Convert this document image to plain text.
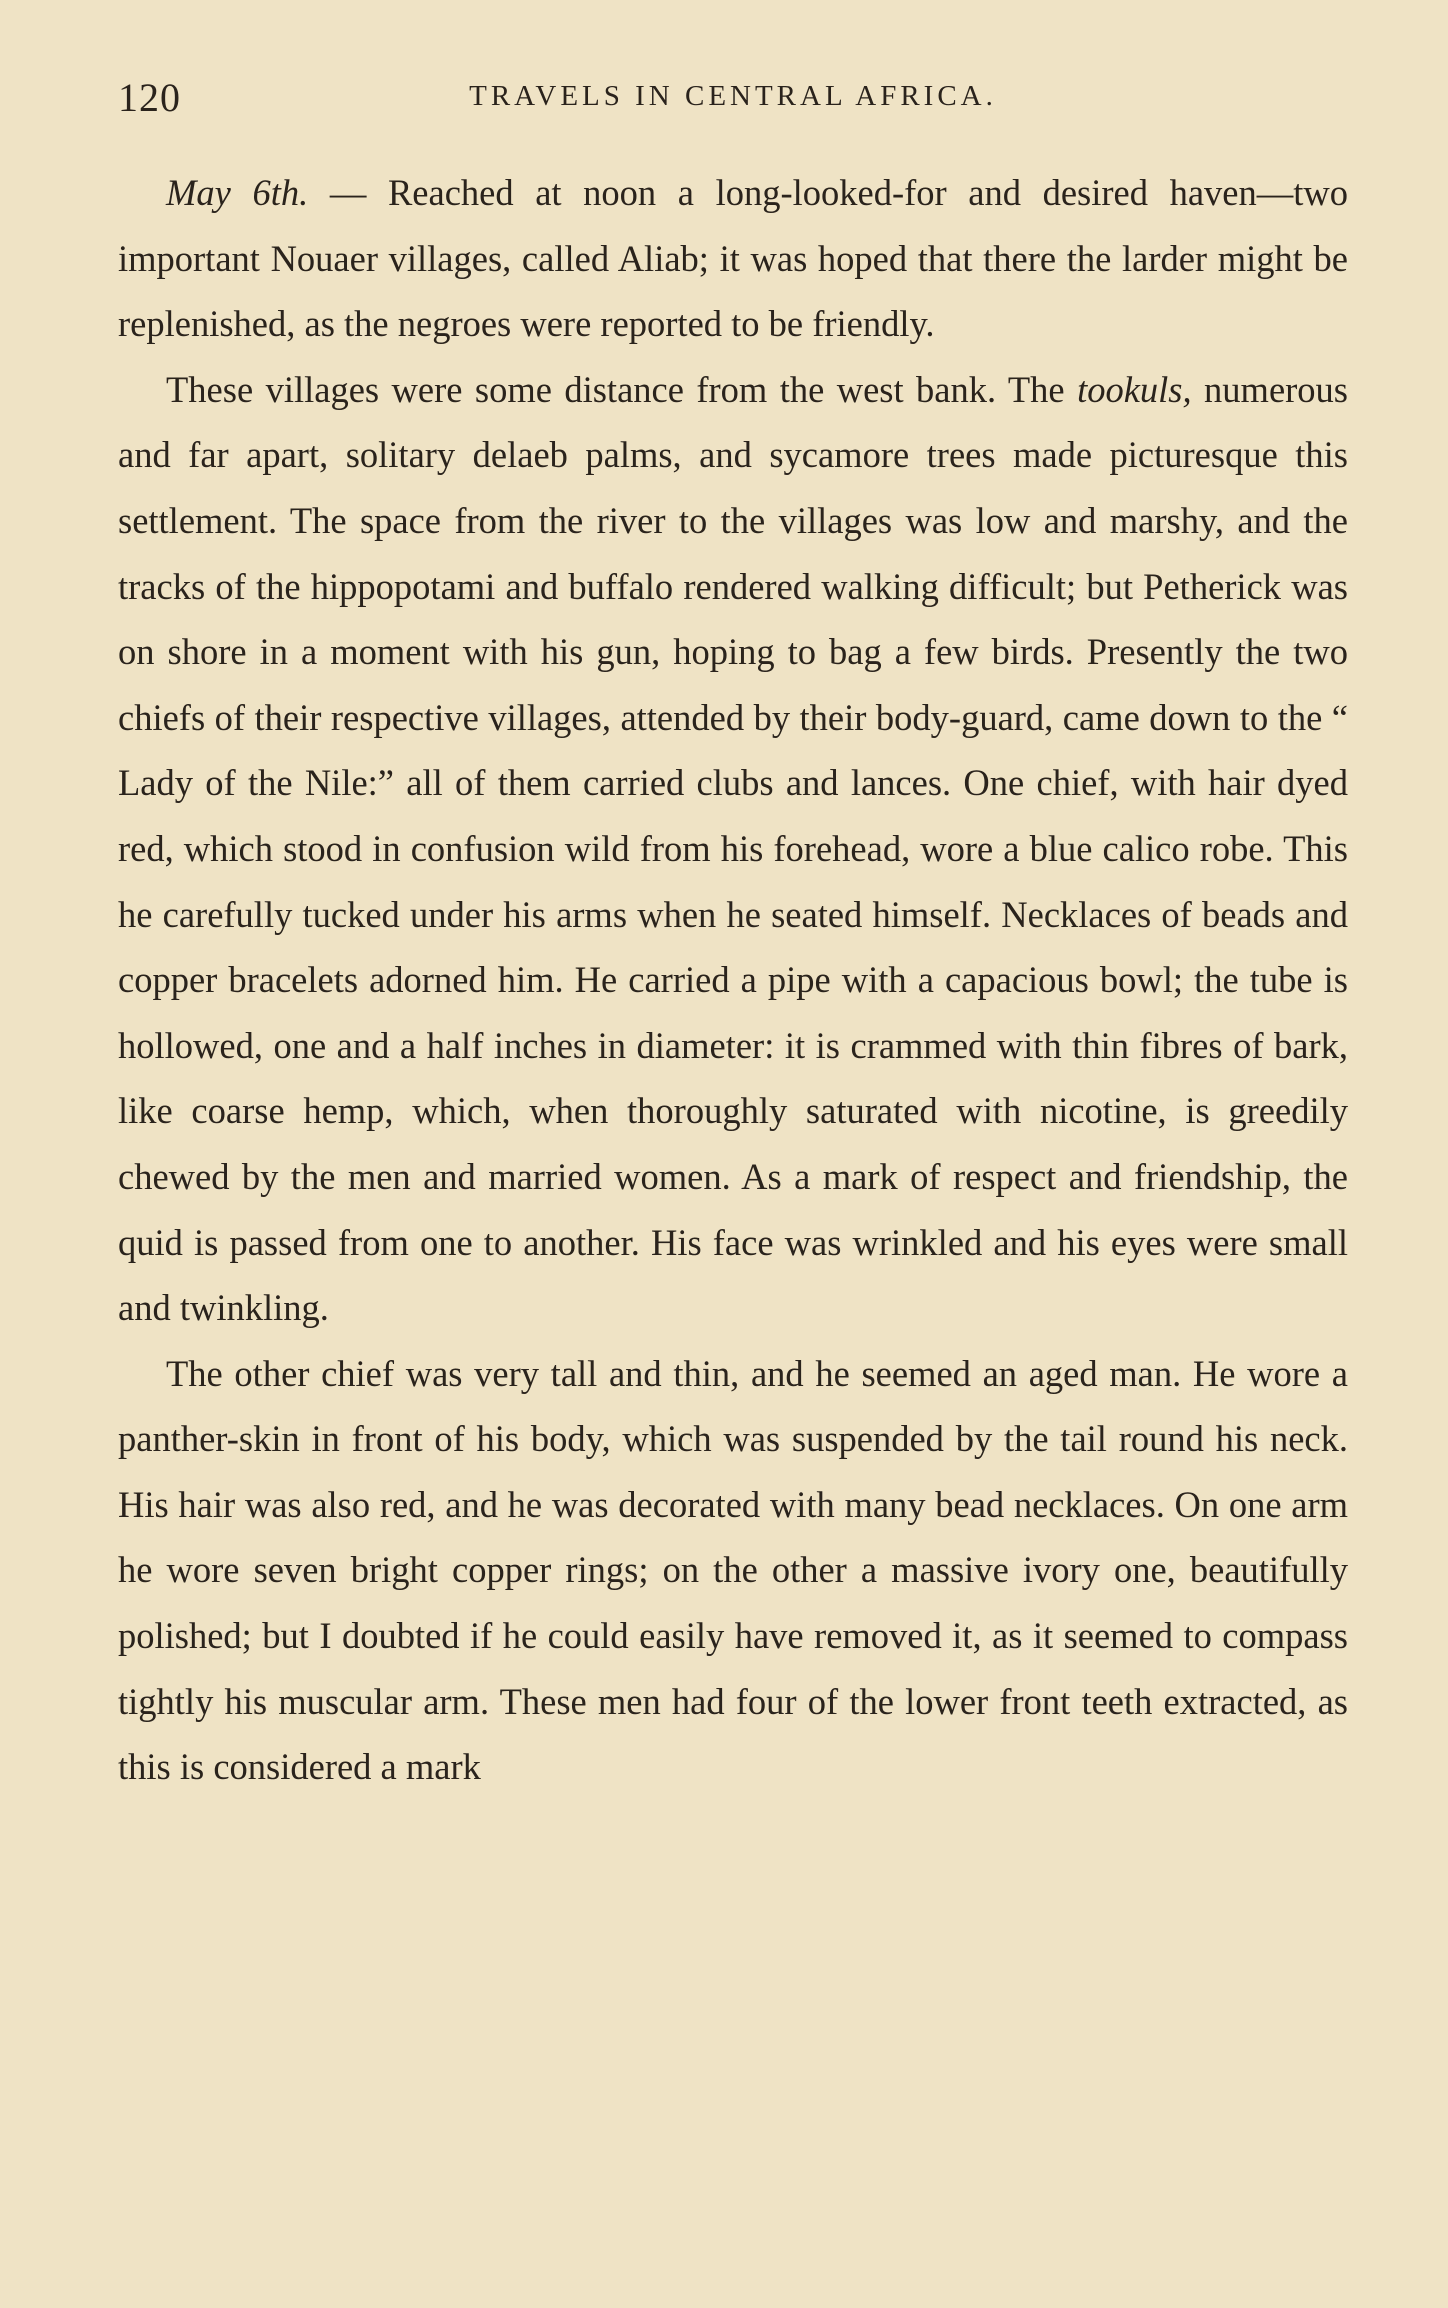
120	TRAVELS IN CENTRAL AFRICA.

May 6th. — Reached at noon a long-looked-for and desired haven—two important Nouaer villages, called Aliab; it was hoped that there the larder might be replenished, as the negroes were reported to be friendly.

These villages were some distance from the west bank. The tookuls, numerous and far apart, solitary delaeb palms, and sycamore trees made picturesque this settlement. The space from the river to the villages was low and marshy, and the tracks of the hippopotami and buffalo rendered walking difficult; but Petherick was on shore in a moment with his gun, hoping to bag a few birds. Presently the two chiefs of their respective villages, attended by their body-guard, came down to the “ Lady of the Nile:” all of them carried clubs and lances. One chief, with hair dyed red, which stood in confusion wild from his forehead, wore a blue calico robe. This he carefully tucked under his arms when he seated himself. Necklaces of beads and copper bracelets adorned him. He carried a pipe with a capacious bowl; the tube is hollowed, one and a half inches in diameter: it is crammed with thin fibres of bark, like coarse hemp, which, when thoroughly saturated with nicotine, is greedily chewed by the men and married women. As a mark of respect and friendship, the quid is passed from one to another. His face was wrinkled and his eyes were small and twinkling.

The other chief was very tall and thin, and he seemed an aged man. He wore a panther-skin in front of his body, which was suspended by the tail round his neck. His hair was also red, and he was decorated with many bead necklaces. On one arm he wore seven bright copper rings; on the other a massive ivory one, beautifully polished; but I doubted if he could easily have removed it, as it seemed to compass tightly his muscular arm. These men had four of the lower front teeth extracted, as this is considered a mark
